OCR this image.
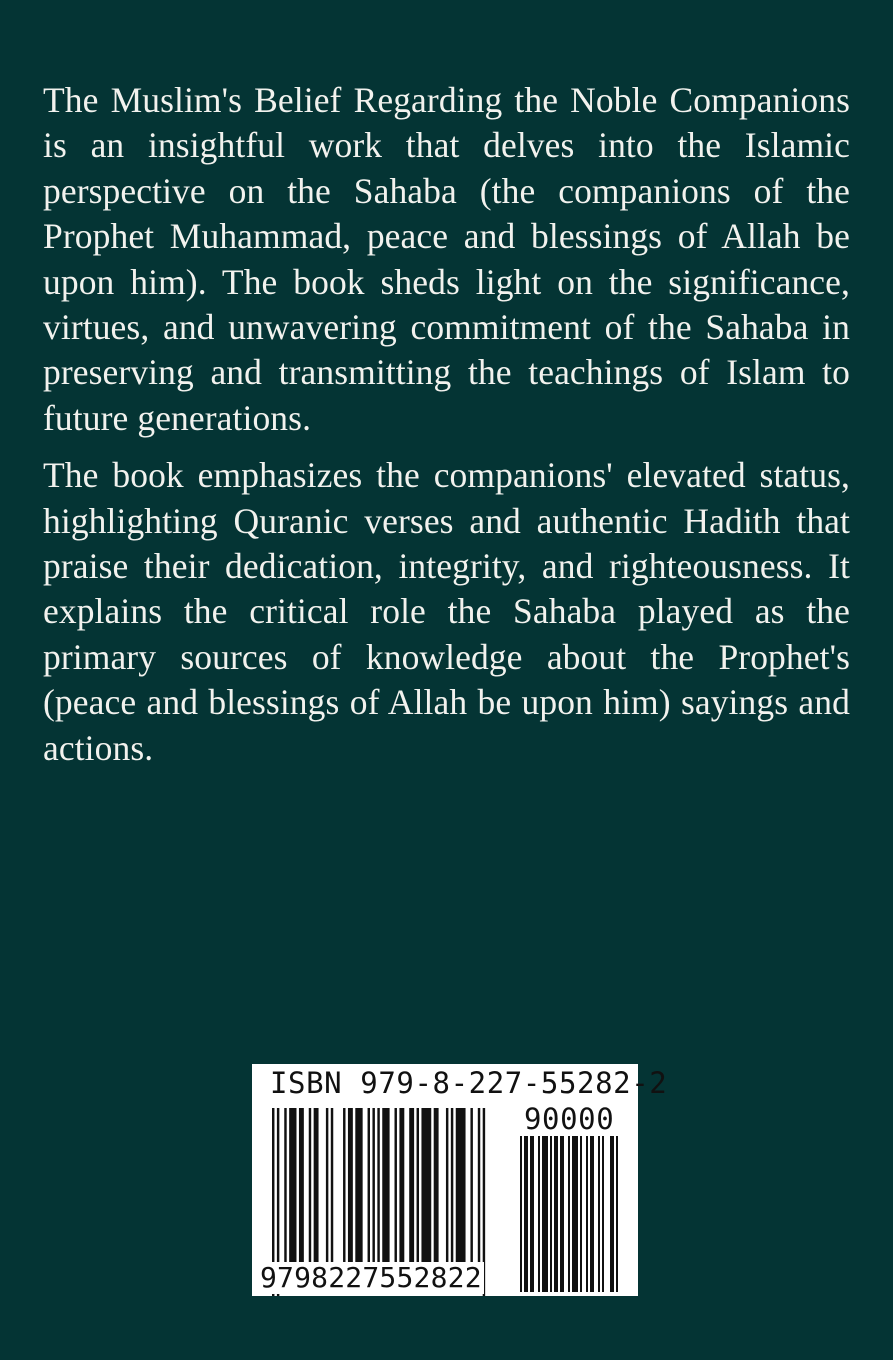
The Muslim's Belief Regarding the Noble Companions is an insightful work that delves into the Islamic perspective on the Sahaba (the companions of the Prophet Muhammad, peace and blessings of Allah be upon him). The book sheds light on the significance, virtues, and unwavering commitment of the Sahaba in preserving and transmitting the teachings of Islam to future generations.

The book emphasizes the companions' elevated status, highlighting Quranic verses and authentic Hadith that praise their dedication, integrity, and righteousness. It explains the critical role the Sahaba played as the primary sources of knowledge about the Prophet's (peace and blessings of Allah be upon him) sayings and actions.

ISBN 979-8-227-55282-2
90000
9798227552822
